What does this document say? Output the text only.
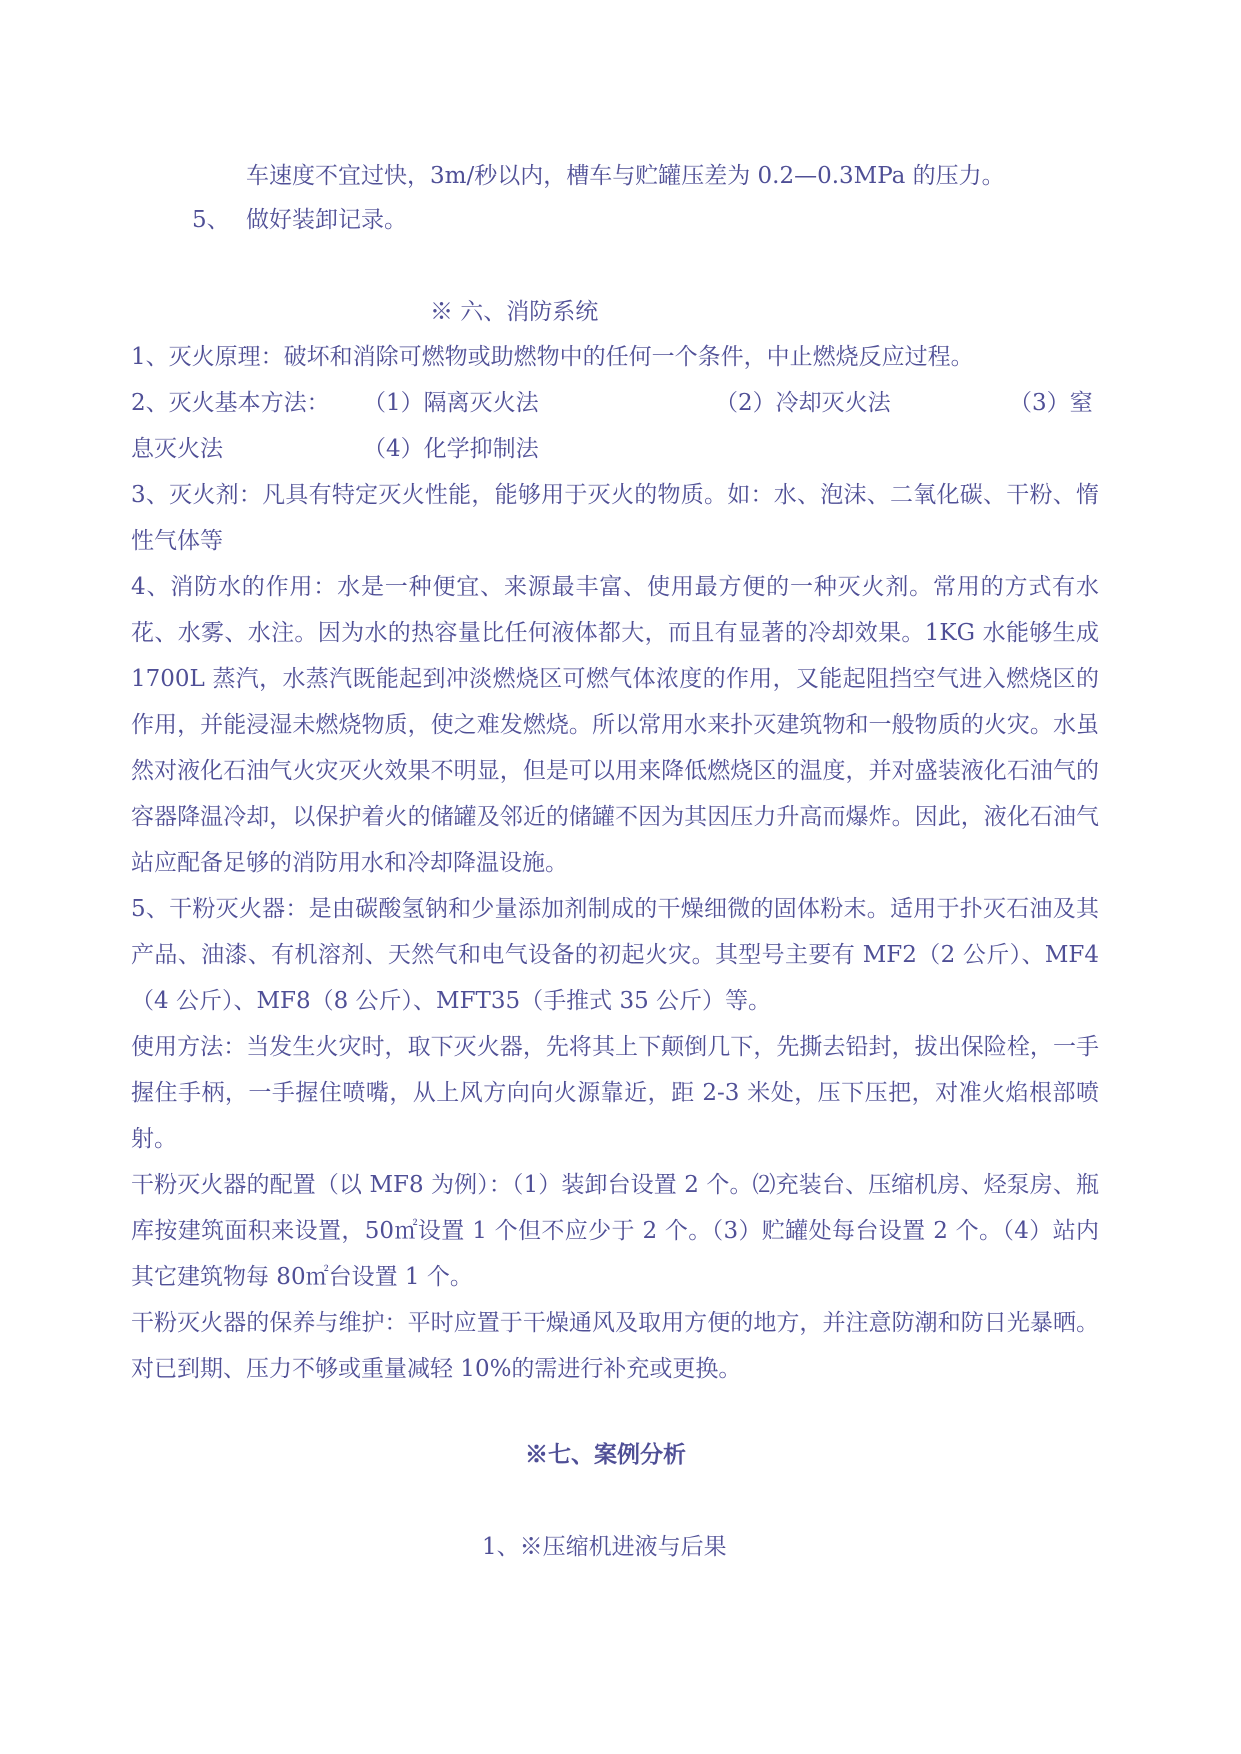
车速度不宜过快，3m/秒以内，槽车与贮罐压差为 0.2—0.3MPa 的压力。
5、 做好装卸记录。
※ 六、消防系统
1、灭火原理：破坏和消除可燃物或助燃物中的任何一个条件，中止燃烧反应过程。
2、灭火基本方法： （1）隔离灭火法	（2）冷却灭火法	（3）窒
息灭火法	（4）化学抑制法

3、灭火剂：凡具有特定灭火性能，能够用于灭火的物质。如：水、泡沫、二氧化碳、干粉、惰性气体等

4、消防水的作用：水是一种便宜、来源最丰富、使用最方便的一种灭火剂。常用的方式有水花、水雾、水注。因为水的热容量比任何液体都大，而且有显著的冷却效果。1KG 水能够生成 1700L 蒸汽，水蒸汽既能起到冲淡燃烧区可燃气体浓度的作用，又能起阻挡空气进入燃烧区的作用，并能浸湿未燃烧物质，使之难发燃烧。所以常用水来扑灭建筑物和一般物质的火灾。水虽然对液化石油气火灾灭火效果不明显，但是可以用来降低燃烧区的温度，并对盛装液化石油气的容器降温冷却，以保护着火的储罐及邻近的储罐不因为其因压力升高而爆炸。因此，液化石油气站应配备足够的消防用水和冷却降温设施。

5、干粉灭火器：是由碳酸氢钠和少量添加剂制成的干燥细微的固体粉末。适用于扑灭石油及其产品、油漆、有机溶剂、天然气和电气设备的初起火灾。其型号主要有 MF2（2 公斤）、MF4（4 公斤）、MF8（8 公斤）、MFT35（手推式 35 公斤）等。

使用方法：当发生火灾时，取下灭火器，先将其上下颠倒几下，先撕去铅封，拔出保险栓，一手握住手柄，一手握住喷嘴，从上风方向向火源靠近，距 2-3 米处，压下压把，对准火焰根部喷射。

干粉灭火器的配置（以 MF8 为例）：（1）装卸台设置 2 个。⑵充装台、压缩机房、烃泵房、瓶库按建筑面积来设置，50㎡设置 1 个但不应少于 2 个。（3）贮罐处每台设置 2 个。（4）站内其它建筑物每 80㎡台设置 1 个。

干粉灭火器的保养与维护：平时应置于干燥通风及取用方便的地方，并注意防潮和防日光暴晒。对已到期、压力不够或重量减轻 10%的需进行补充或更换。

※七、案例分析
1、※压缩机进液与后果
